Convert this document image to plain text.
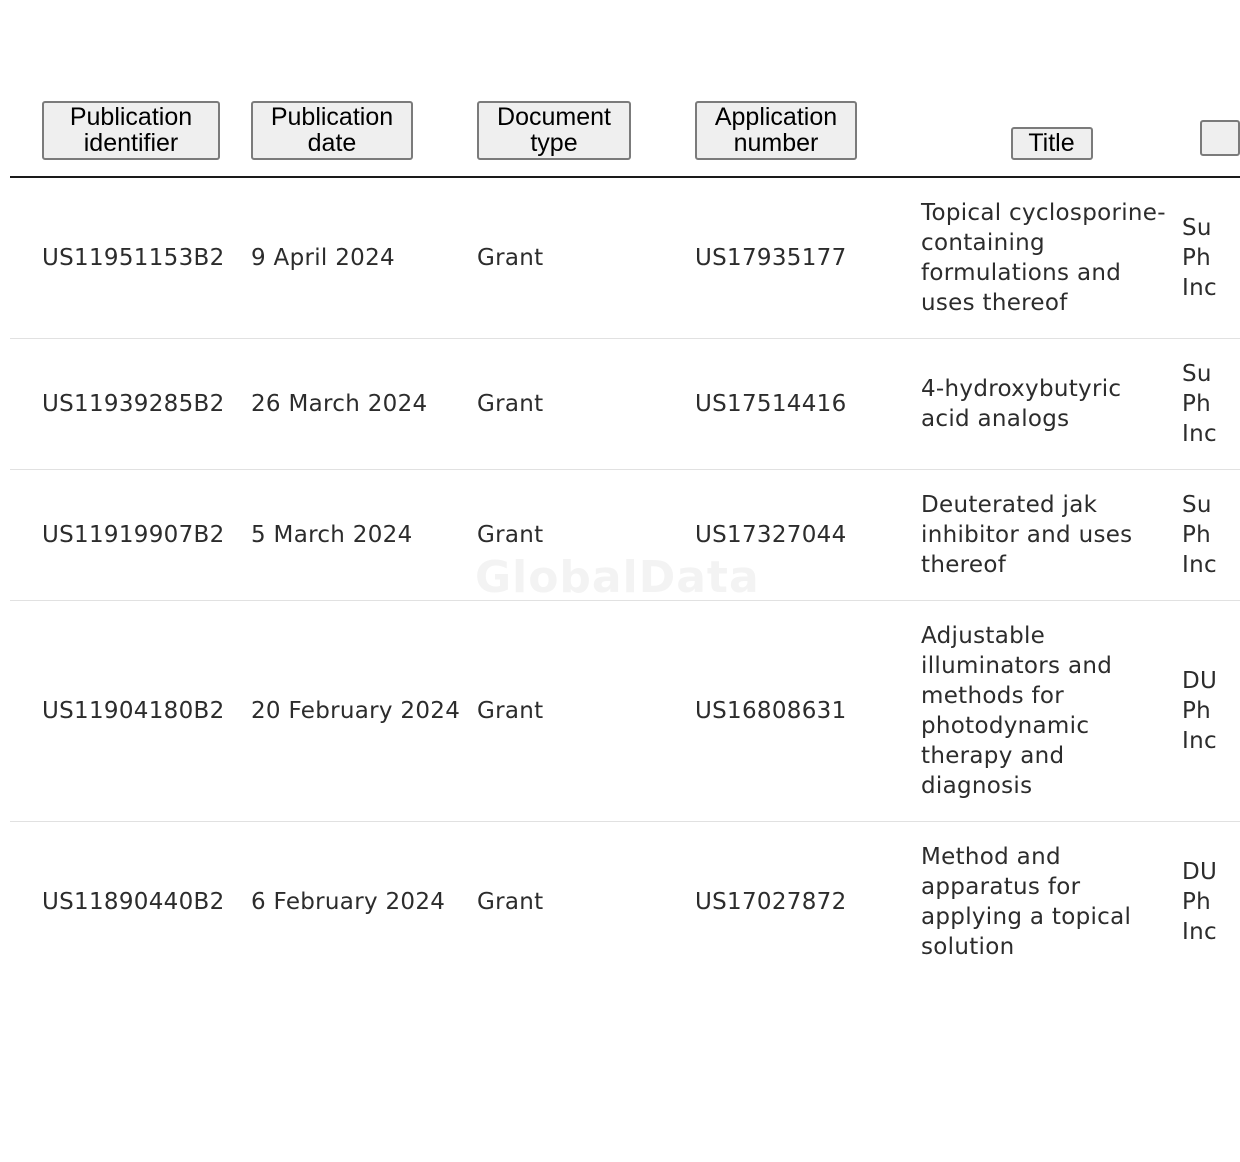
GlobalData
Publication identifier	Publication date	Document type	Application number	Title	
US11951153B2	9 April 2024	Grant	US17935177	Topical cyclosporine-containing formulations and uses thereof	Su
Ph
Inc

US11939285B2	26 March 2024	Grant	US17514416	4-hydroxybutyric acid analogs	Su
Ph
Inc

US11919907B2	5 March 2024	Grant	US17327044	Deuterated jak inhibitor and uses thereof	Su
Ph
Inc

US11904180B2	20 February 2024	Grant	US16808631	Adjustable illuminators and methods for photodynamic therapy and diagnosis	DU
Ph
Inc

US11890440B2	6 February 2024	Grant	US17027872	Method and apparatus for applying a topical solution	DU
Ph
Inc
